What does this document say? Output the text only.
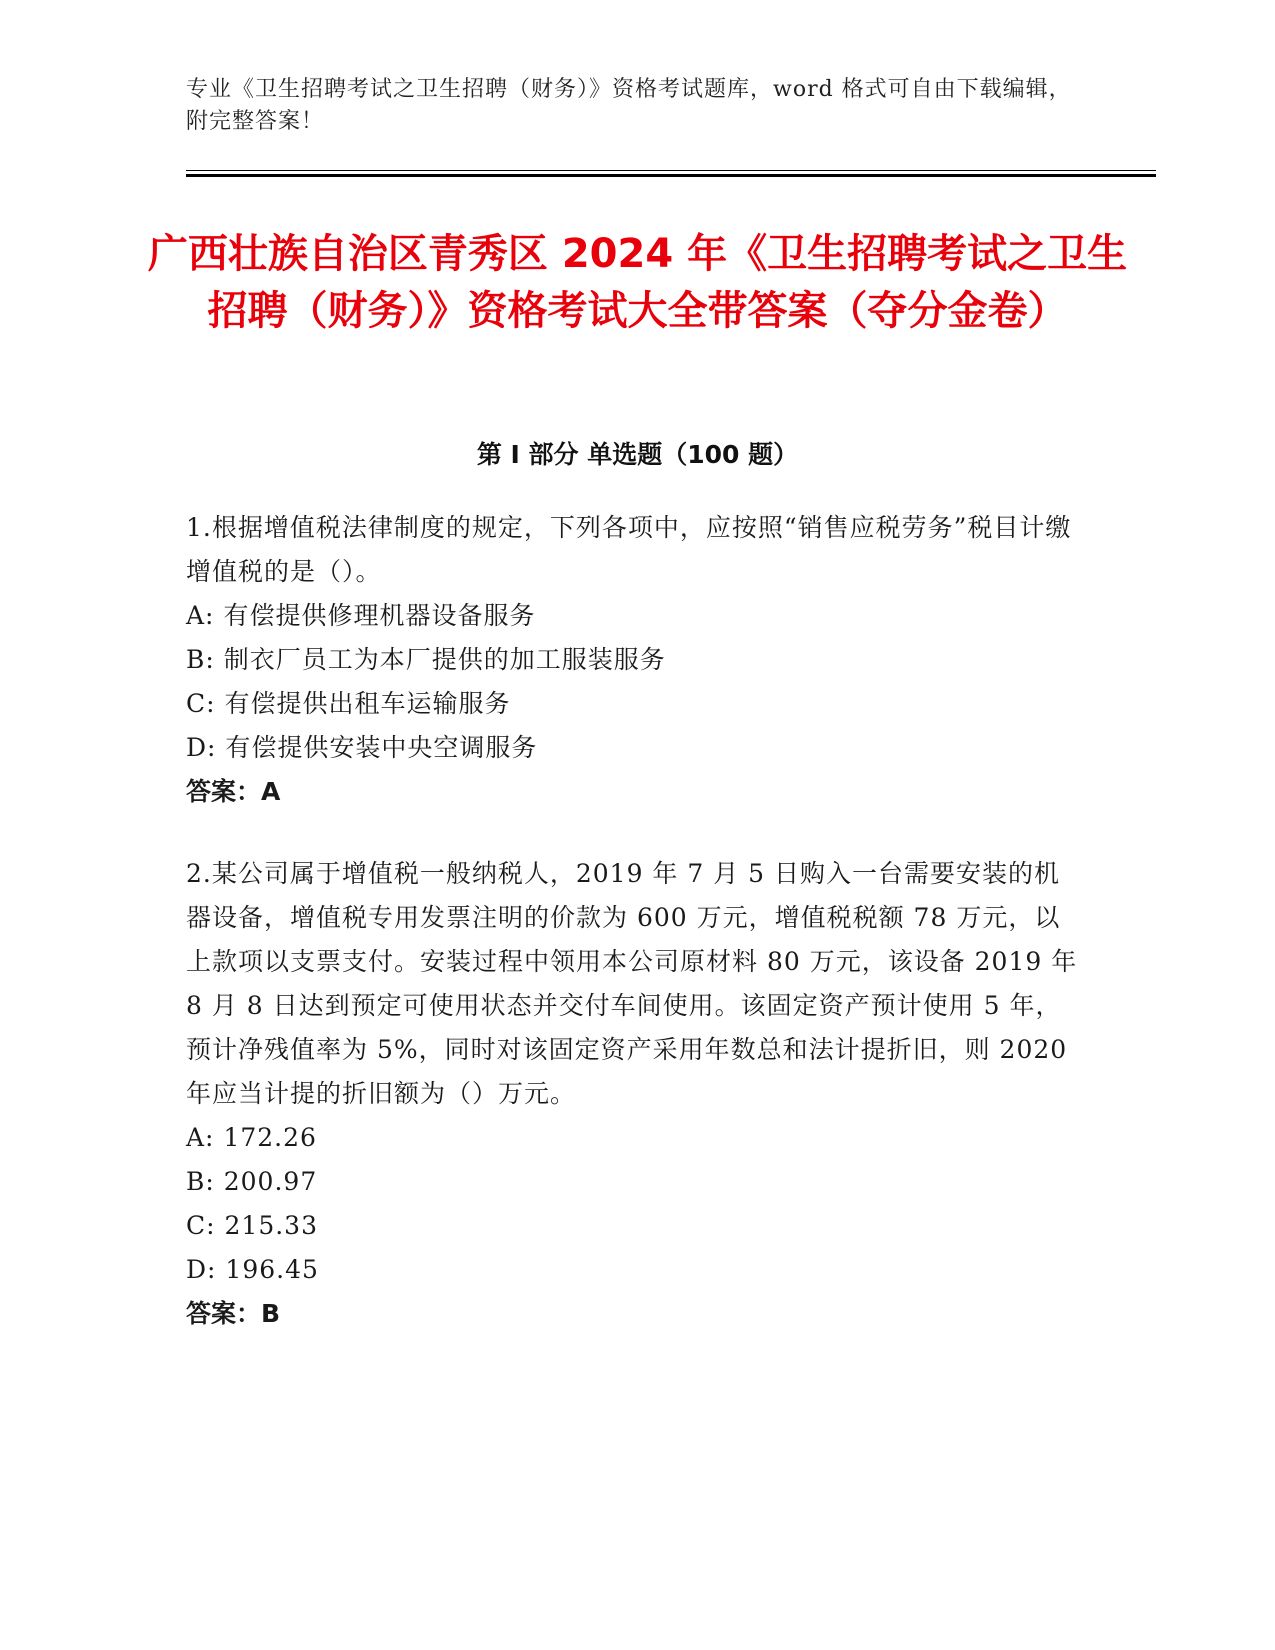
专业《卫生招聘考试之卫生招聘（财务）》资格考试题库，word 格式可自由下载编辑，附完整答案！
广西壮族自治区青秀区 2024 年《卫生招聘考试之卫生招聘（财务）》资格考试大全带答案（夺分金卷）
第 I 部分 单选题（100 题）

1.根据增值税法律制度的规定，下列各项中，应按照“销售应税劳务”税目计缴增值税的是（）。

A: 有偿提供修理机器设备服务

B: 制衣厂员工为本厂提供的加工服装服务

C: 有偿提供出租车运输服务

D: 有偿提供安装中央空调服务

答案：A

2.某公司属于增值税一般纳税人，2019 年 7 月 5 日购入一台需要安装的机器设备，增值税专用发票注明的价款为 600 万元，增值税税额 78 万元，以上款项以支票支付。安装过程中领用本公司原材料 80 万元，该设备 2019 年 8 月 8 日达到预定可使用状态并交付车间使用。该固定资产预计使用 5 年，预计净残值率为 5%，同时对该固定资产采用年数总和法计提折旧，则 2020 年应当计提的折旧额为（）万元。

A: 172.26

B: 200.97

C: 215.33

D: 196.45

答案：B
